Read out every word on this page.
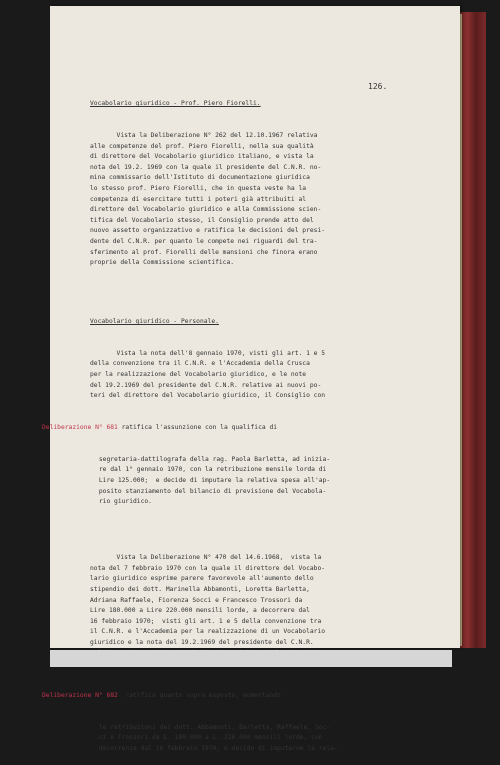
126.

Vocabolario giuridico - Prof. Piero Fiorelli.

Vista la Deliberazione N° 262 del 12.10.1967 relativa
alle competenze del prof. Piero Fiorelli, nella sua qualità
di direttore del Vocabolario giuridico italiano, e vista la
nota del 19.2. 1969 con la quale il presidente del C.N.R. no-
mina commissario dell'Istituto di documentazione giuridica
lo stesso prof. Piero Fiorelli, che in questa veste ha la
competenza di esercitare tutti i poteri già attribuiti al
direttore del Vocabolario giuridico e alla Commissione scien-
tifica del Vocabolario stesso, il Consiglio prende atto del
nuovo assetto organizzativo e ratifica le decisioni del presi-
dente del C.N.R. per quanto le compete nei riguardi del tra-
sferimento al prof. Fiorelli delle mansioni che finora erano
proprie della Commissione scientifica.

Vocabolario giuridico - Personale.

Vista la nota dell'8 gennaio 1970, visti gli art. 1 e 5
della convenzione tra il C.N.R. e l'Accademia della Crusca
per la realizzazione del Vocabolario giuridico, e le note
del 19.2.1969 del presidente del C.N.R. relative ai nuovi po-
teri del direttore del Vocabolario giuridico, il Consiglio con

Deliberazione N° 681 ratifica l'assunzione con la qualifica di

segretaria-dattilografa della rag. Paola Barletta, ad inizia-
re dal 1° gennaio 1970, con la retribuzione mensile lorda di
Lire 125.000;  e decide di imputare la relativa spesa all'ap-
posito stanziamento del bilancio di previsione del Vocabola-
rio giuridico.

Vista la Deliberazione N° 470 del 14.6.1968,  vista la
nota del 7 febbraio 1970 con la quale il direttore del Vocabo-
lario giuridico esprime parere favorevole all'aumento dello
stipendio dei dott. Marinella Abbamonti, Loretta Barletta,
Adriana Raffaele, Fiorenza Socci e Francesco Trossori da
Lire 180.000 a Lire 220.000 mensili lorde, a decorrere dal
16 febbraio 1970;  visti gli art. 1 e 5 della convenzione tra
il C.N.R. e l'Accademia per la realizzazione di un Vocabolario
giuridico e la nota del 19.2.1969 del presidente del C.N.R.

Deliberazione N° 682  ratifica quanto sopra esposto, aumentando

le retribuzioni dei dott. Abbamonti, Barletta, Raffaele, Soc-
ci e Trossori da L. 180.000 a L. 220.000 mensili lorde, con
decorrenza dal 16 febbraio 1970, e decide di imputarne la rela-
